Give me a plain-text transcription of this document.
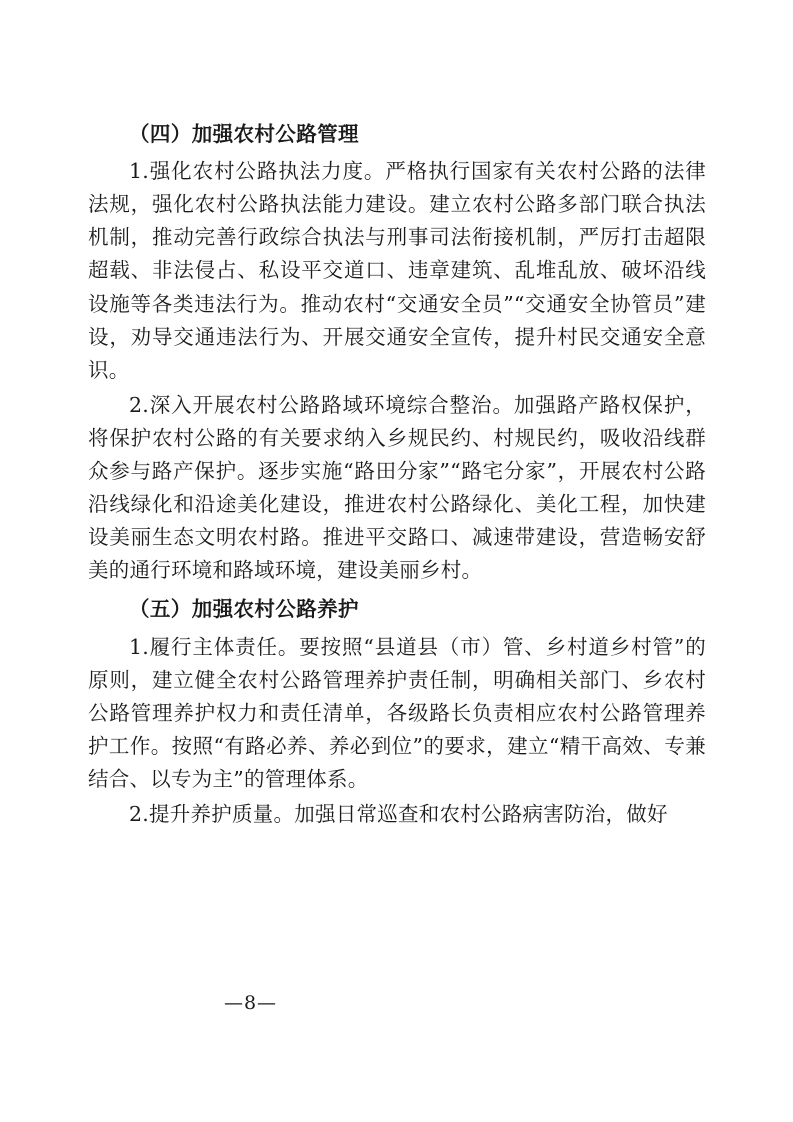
（四）加强农村公路管理

1.强化农村公路执法力度。严格执行国家有关农村公路的法律法规，强化农村公路执法能力建设。建立农村公路多部门联合执法机制，推动完善行政综合执法与刑事司法衔接机制，严厉打击超限超载、非法侵占、私设平交道口、违章建筑、乱堆乱放、破坏沿线设施等各类违法行为。推动农村“交通安全员”“交通安全协管员”建设，劝导交通违法行为、开展交通安全宣传，提升村民交通安全意识。

2.深入开展农村公路路域环境综合整治。加强路产路权保护，将保护农村公路的有关要求纳入乡规民约、村规民约，吸收沿线群众参与路产保护。逐步实施“路田分家”“路宅分家”，开展农村公路沿线绿化和沿途美化建设，推进农村公路绿化、美化工程，加快建设美丽生态文明农村路。推进平交路口、减速带建设，营造畅安舒美的通行环境和路域环境，建设美丽乡村。

（五）加强农村公路养护

1.履行主体责任。要按照“县道县（市）管、乡村道乡村管”的原则，建立健全农村公路管理养护责任制，明确相关部门、乡农村公路管理养护权力和责任清单，各级路长负责相应农村公路管理养护工作。按照“有路必养、养必到位”的要求，建立“精干高效、专兼结合、以专为主”的管理体系。

2.提升养护质量。加强日常巡查和农村公路病害防治，做好

—8—
